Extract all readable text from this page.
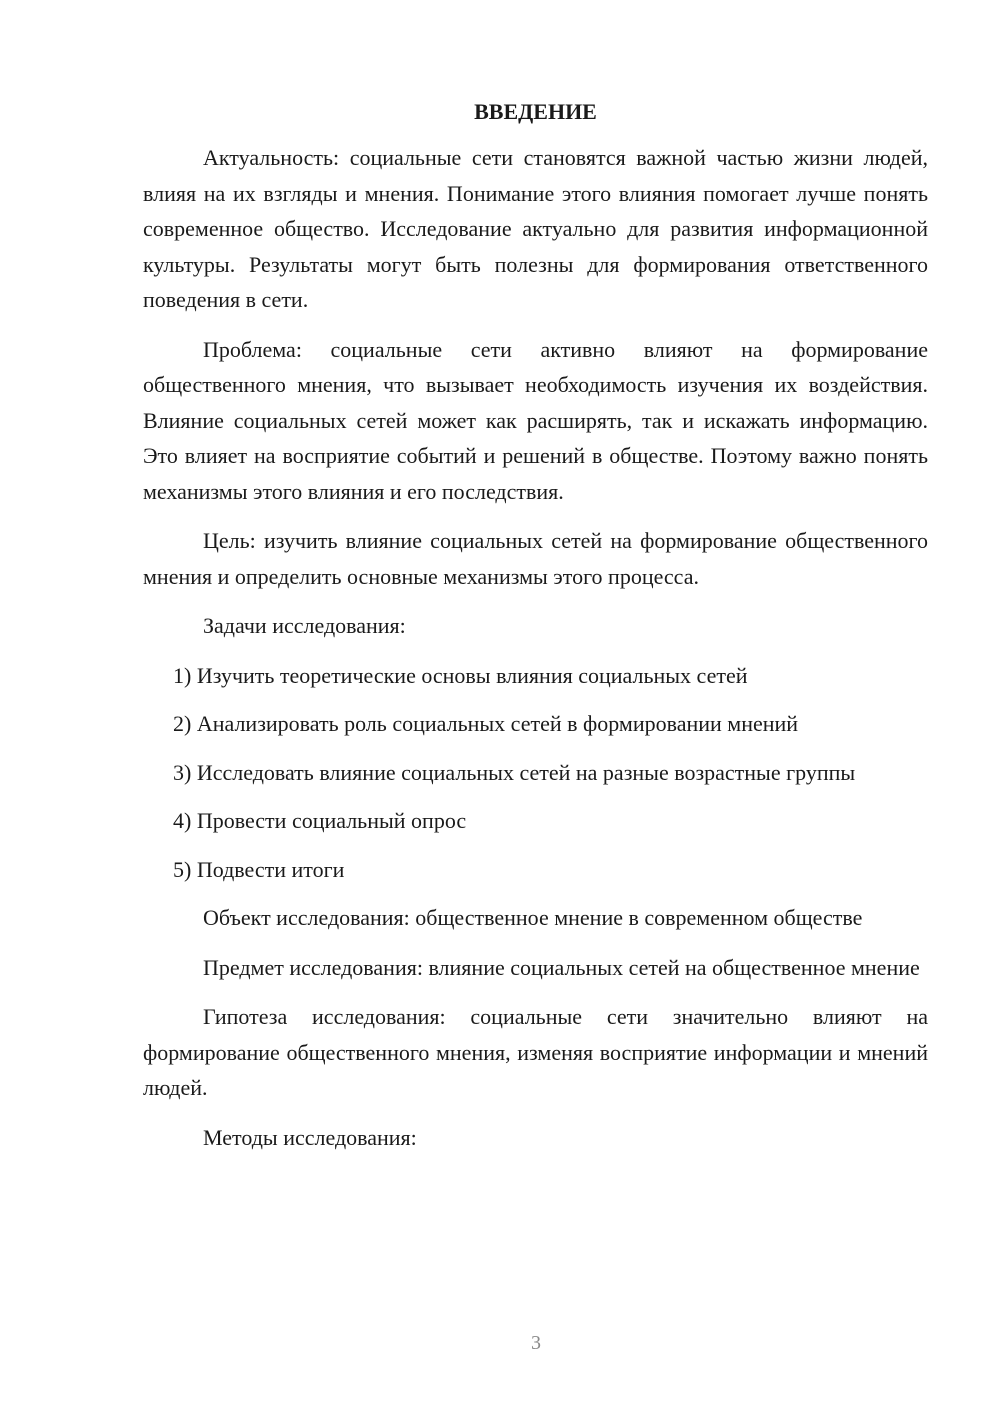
ВВЕДЕНИЕ

Актуальность: социальные сети становятся важной частью жизни людей, влияя на их взгляды и мнения. Понимание этого влияния помогает лучше понять современное общество. Исследование актуально для развития информационной культуры. Результаты могут быть полезны для формирования ответственного поведения в сети.

Проблема: социальные сети активно влияют на формирование общественного мнения, что вызывает необходимость изучения их воздействия. Влияние социальных сетей может как расширять, так и искажать информацию. Это влияет на восприятие событий и решений в обществе. Поэтому важно понять механизмы этого влияния и его последствия.

Цель: изучить влияние социальных сетей на формирование общественного мнения и определить основные механизмы этого процесса.

Задачи исследования:

1) Изучить теоретические основы влияния социальных сетей

2) Анализировать роль социальных сетей в формировании мнений

3) Исследовать влияние социальных сетей на разные возрастные группы

4) Провести социальный опрос

5) Подвести итоги

Объект исследования: общественное мнение в современном обществе

Предмет исследования: влияние социальных сетей на общественное мнение

Гипотеза исследования: социальные сети значительно влияют на формирование общественного мнения, изменяя восприятие информации и мнений людей.

Методы исследования:

3
